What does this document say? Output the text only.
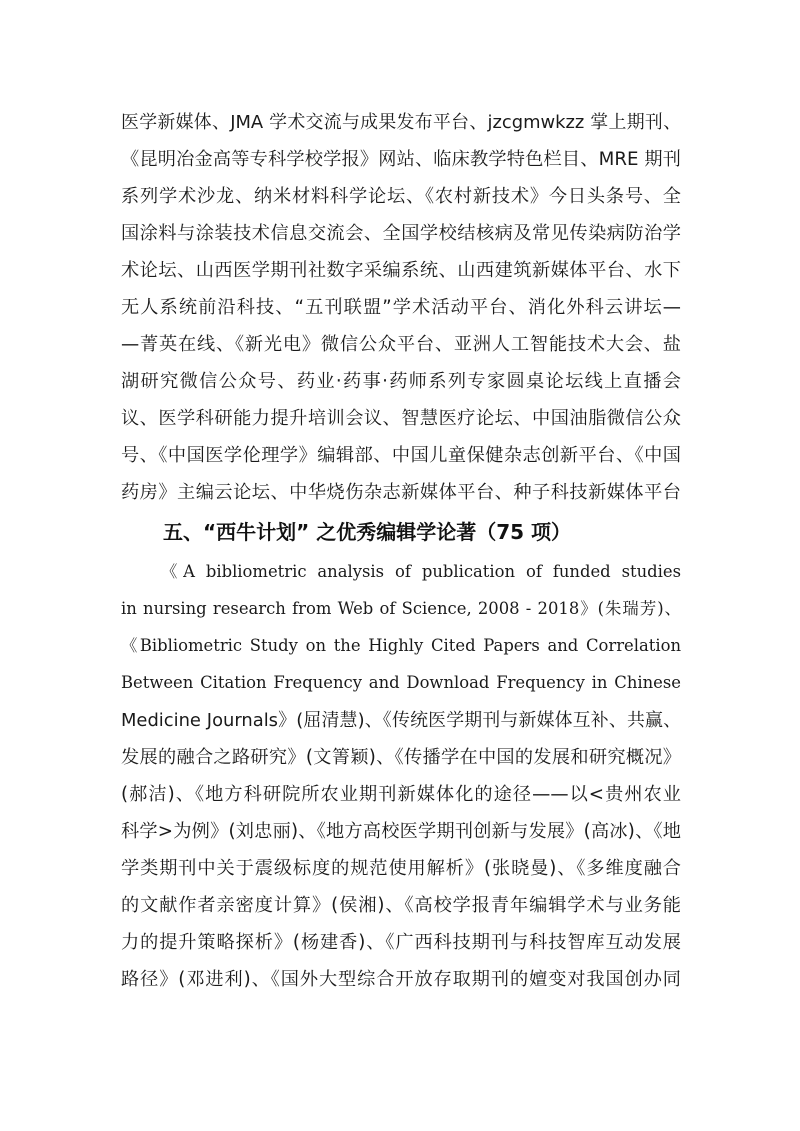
医学新媒体、JMA 学术交流与成果发布平台、jzcgmwkzz 掌上期刊、
《昆明冶金高等专科学校学报》网站、临床教学特色栏目、MRE 期刊
系列学术沙龙、纳米材料科学论坛、《农村新技术》今日头条号、全
国涂料与涂装技术信息交流会、全国学校结核病及常见传染病防治学
术论坛、山西医学期刊社数字采编系统、山西建筑新媒体平台、水下
无人系统前沿科技、“五刊联盟”学术活动平台、消化外科云讲坛—
—菁英在线、《新光电》微信公众平台、亚洲人工智能技术大会、盐
湖研究微信公众号、药业·药事·药师系列专家圆桌论坛线上直播会
议、医学科研能力提升培训会议、智慧医疗论坛、中国油脂微信公众
号、《中国医学伦理学》编辑部、中国儿童保健杂志创新平台、《中国
药房》主编云论坛、中华烧伤杂志新媒体平台、种子科技新媒体平台
五、“西牛计划” 之优秀编辑学论著（75 项）
《A bibliometric analysis of publication of funded studies
in nursing research from Web of Science, 2008 - 2018》(朱瑞芳)、
《Bibliometric Study on the Highly Cited Papers and Correlation
Between Citation Frequency and Download Frequency in Chinese
Medicine Journals》(屈清慧)、《传统医学期刊与新媒体互补、共赢、
发展的融合之路研究》(文箐颖)、《传播学在中国的发展和研究概况》
(郝洁)、《地方科研院所农业期刊新媒体化的途径——以<贵州农业
科学>为例》(刘忠丽)、《地方高校医学期刊创新与发展》(高冰)、《地
学类期刊中关于震级标度的规范使用解析》(张晓曼)、《多维度融合
的文献作者亲密度计算》(侯湘)、《高校学报青年编辑学术与业务能
力的提升策略探析》(杨建香)、《广西科技期刊与科技智库互动发展
路径》(邓进利)、《国外大型综合开放存取期刊的嬗变对我国创办同
